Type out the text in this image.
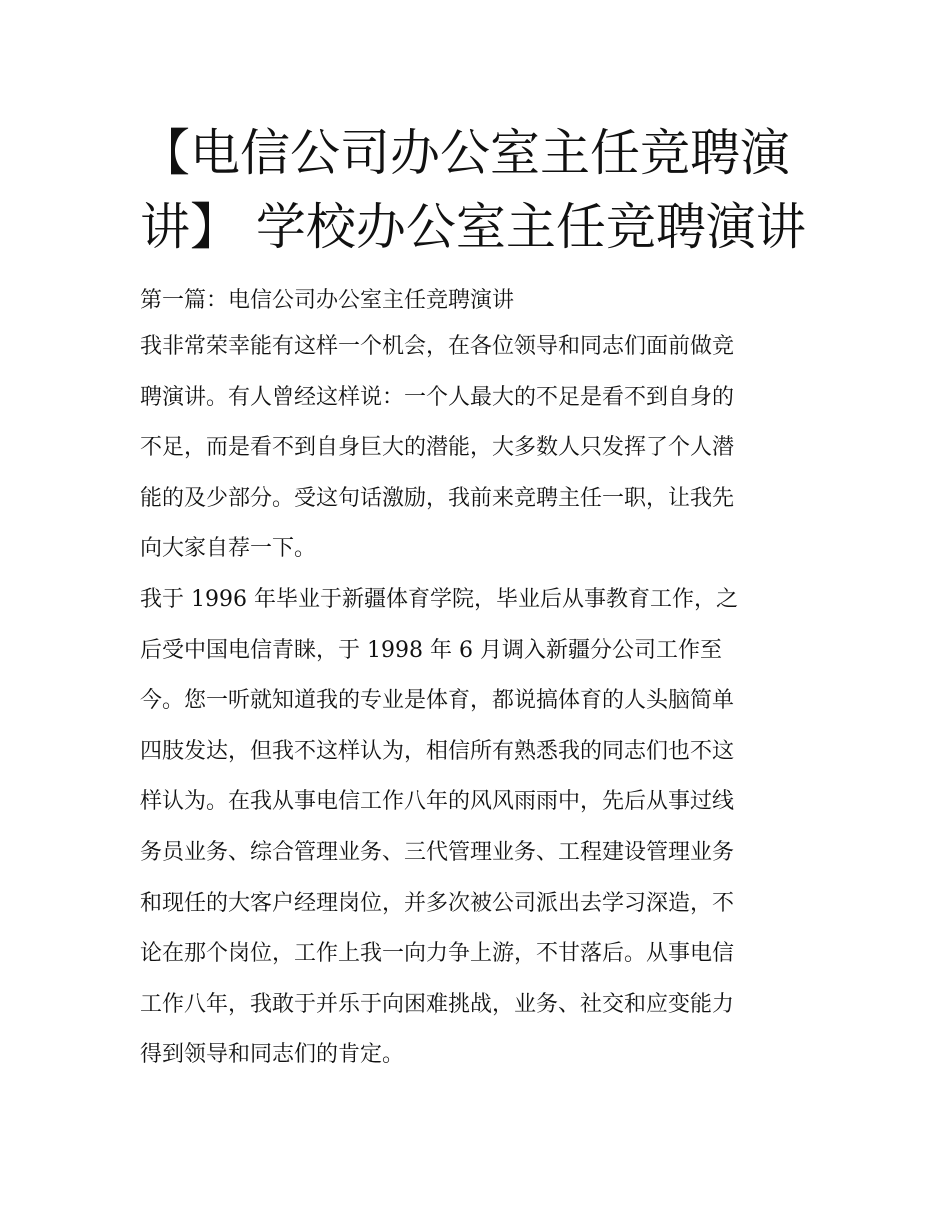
【电信公司办公室主任竞聘演
讲】 学校办公室主任竞聘演讲

第一篇：电信公司办公室主任竞聘演讲

我非常荣幸能有这样一个机会，在各位领导和同志们面前做竞
聘演讲。有人曾经这样说：一个人最大的不足是看不到自身的
不足，而是看不到自身巨大的潜能，大多数人只发挥了个人潜
能的及少部分。受这句话激励，我前来竞聘主任一职，让我先
向大家自荐一下。
我于 1996 年毕业于新疆体育学院，毕业后从事教育工作，之
后受中国电信青睐，于 1998 年 6 月调入新疆分公司工作至
今。您一听就知道我的专业是体育，都说搞体育的人头脑简单
四肢发达，但我不这样认为，相信所有熟悉我的同志们也不这
样认为。在我从事电信工作八年的风风雨雨中，先后从事过线
务员业务、综合管理业务、三代管理业务、工程建设管理业务
和现任的大客户经理岗位，并多次被公司派出去学习深造，不
论在那个岗位，工作上我一向力争上游，不甘落后。从事电信
工作八年，我敢于并乐于向困难挑战，业务、社交和应变能力
得到领导和同志们的肯定。
